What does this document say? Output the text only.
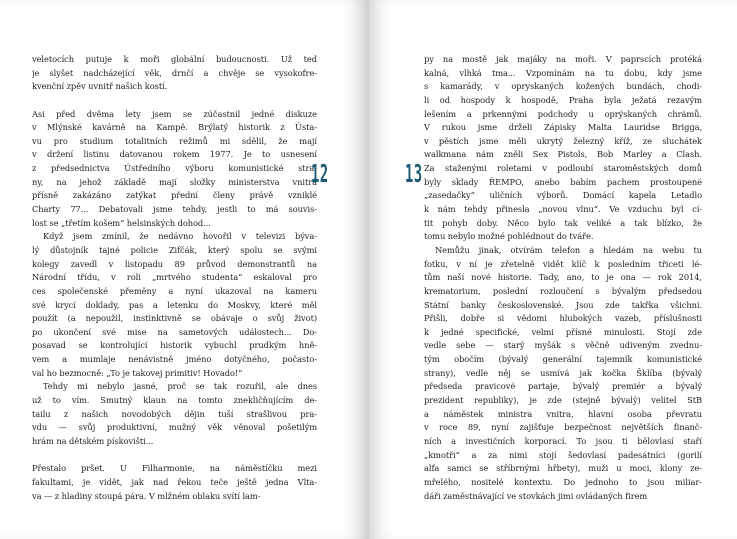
veletocích putuje k moři globální budoucnosti. Už teď
je slyšet nadcházející věk, drnčí a chvěje se vysokofre-
kvenční zpěv uvnitř našich kostí.
Asi před dvěma lety jsem se zúčastnil jedné diskuze
v Mlýnské kavárně na Kampě. Brýlatý historik z Ústa-
vu pro studium totalitních režimů mi sdělil, že mají
v držení listinu datovanou rokem 1977. Je to usnesení
z předsednictva Ústředního výboru komunistické stra-
ny, na jehož základě mají složky ministerstva vnitra
přísně zakázáno zatýkat přední členy právě vzniklé
Charty 77... Debatovali jsme tehdy, jestli to má souvis-
lost se „třetím košem“ helsinských dohod...
Když jsem zmínil, že nedávno hovořil v televizi býva-
lý důstojník tajné policie Zifčák, který spolu se svými
kolegy zavedl v listopadu 89 průvod demonstrantů na
Národní třídu, v roli „mrtvého studenta“ eskaloval pro
ces společenské přeměny a nyní ukazoval na kameru
své krycí doklady, pas a letenku do Moskvy, které měl
použít (a nepoužil, instinktivně se obávaje o svůj život)
po ukončení své mise na sametových událostech... Do-
posavad se kontrolující historik vybuchl prudkým hně-
vem a mumlaje nenávistně jméno dotyčného, počasto-
val ho bezmocně: „To je takovej primitiv! Hovado!“
Tehdy mi nebylo jasné, proč se tak rozuřil, ale dnes
už to vím. Smutný klaun na tomto znekličňujícím de-
tailu z našich novodobých dějin tuší strašlivou pra-
vdu — svůj produktivní, mužný věk věnoval pošetilým
hrám na dětském pískovišti...
Přestalo pršet. U Filharmonie, na náměstíčku mezi
fakultami, je vidět, jak nad řekou teče ještě jedna Vlta-
va — z hladiny stoupá pára. V mlžném oblaku svítí lam-
py na mostě jak majáky na moři. V paprscích protéká
kalná, vlhká tma... Vzpomínám na tu dobu, kdy jsme
s kamarády, v opryskaných kožených bundách, chodi-
li od hospody k hospodě, Praha byla ježatá rezavým
lešením a prkennými podchody u oprýskaných chrámů.
V rukou jsme drželi Zápisky Malta Lauridse Brigga,
v pěstích jsme měli ukrytý železný kříž, ze sluchátek
walkmana nám zněli Sex Pistols, Bob Marley a Clash.
Za staženými roletami v podloubí staroměstských domů
byly sklady ŘEMPO, anebo babím pachem prostoupené
„zasedačky“ uličních výborů. Domácí kapela Letadlo
k nám tehdy přinesla „novou vlnu“. Ve vzduchu byl cí-
tit pohyb doby. Něco bylo tak veliké a tak blízko, že
tomu nebylo možné pohlédnout do tváře.
Nemůžu jinak, otvírám telefon a hledám na webu tu
fotku, v ní je zřetelně vidět klíč k posledním třiceti lé-
tům naší nové historie. Tady, ano, to je ona — rok 2014,
krematorium, poslední rozloučení s bývalým předsedou
Státní banky československé. Jsou zde takřka všichni.
Přišli, dobře si vědomi hlubokých vazeb, příslušnosti
k jedné specifické, velmi přísné minulosti. Stojí zde
vedle sebe — starý myšák s věčně udiveným zvednu-
tým obočím (bývalý generální tajemník komunistické
strany), vedle něj se usmívá jak kočka Šklíba (bývalý
předseda pravicové partaje, bývalý premiér a bývalý
prezident republiky), je zde (stejně bývalý) velitel StB
a náměstek ministra vnitra, hlavní osoba převratu
v roce 89, nyní zajišťuje bezpečnost největších finanč-
ních a investičních korporací. To jsou ti bělovlasí staří
„kmotři“ a za nimi stojí šedovlasí padesátníci (gorilí
alfa samci se stříbrnými hřbety), muži u moci, klony ze-
mřelého, nositelé kontextu. Do jednoho to jsou miliar-
dáři zaměstnávající ve stovkách jimi ovládaných firem
12	13
